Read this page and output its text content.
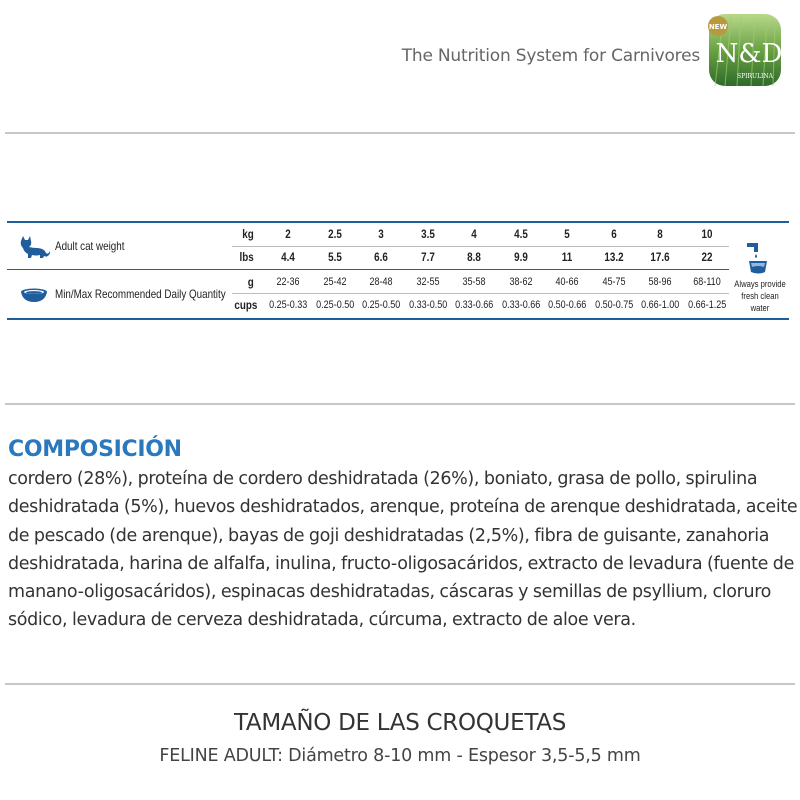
The Nutrition System for Carnivores
NEW
N&D
SPIRULINA
Adult cat weight
Min/Max Recommended Daily Quantity
kg	2	2.5	3	3.5	4	4.5	5	6	8	10
lbs	4.4	5.5	6.6	7.7	8.8	9.9	11	13.2	17.6	22
g	22-36	25-42	28-48	32-55	35-58	38-62	40-66	45-75	58-96	68-110
cups 0.25-0.33 0.25-0.50 0.25-0.50 0.33-0.50 0.33-0.66 0.33-0.66 0.50-0.66 0.50-0.75 0.66-1.00 0.66-1.25
Always provide
fresh clean water
COMPOSICIÓN
cordero (28%), proteína de cordero deshidratada (26%), boniato, grasa de pollo, spirulina deshidratada (5%), huevos deshidratados, arenque, proteína de arenque deshidratada, aceite de pescado (de arenque), bayas de goji deshidratadas (2,5%), fibra de guisante, zanahoria deshidratada, harina de alfalfa, inulina, fructo-oligosacáridos, extracto de levadura (fuente de manano-oligosacáridos), espinacas deshidratadas, cáscaras y semillas de psyllium, cloruro sódico, levadura de cerveza deshidratada, cúrcuma, extracto de aloe vera.
TAMAÑO DE LAS CROQUETAS
FELINE ADULT: Diámetro 8-10 mm - Espesor 3,5-5,5 mm
